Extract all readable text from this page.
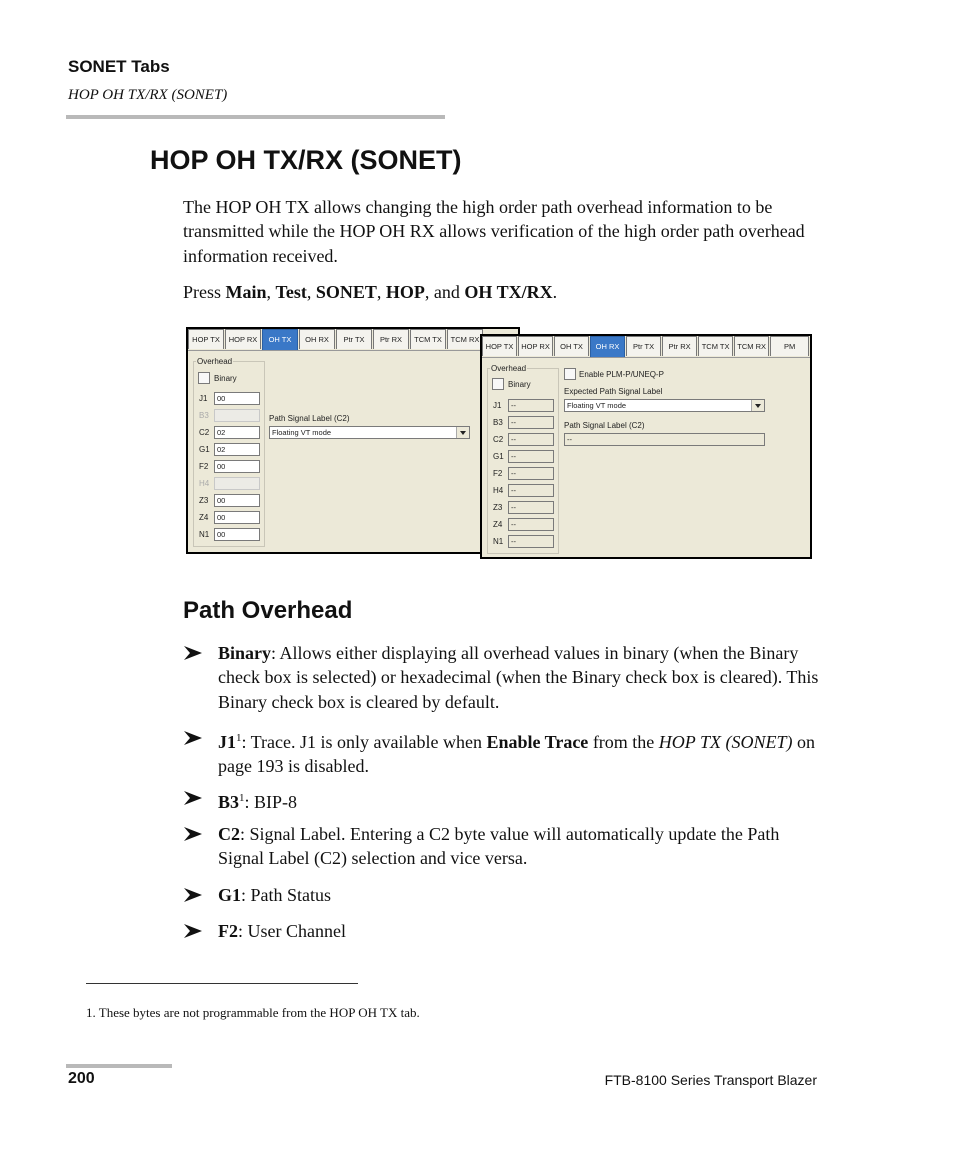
SONET Tabs
HOP OH TX/RX (SONET)
HOP OH TX/RX (SONET)
The HOP OH TX allows changing the high order path overhead information to be transmitted while the HOP OH RX allows verification of the high order path overhead information received.
Press Main, Test, SONET, HOP, and OH TX/RX.
HOP TX	HOP RX	OH TX	OH RX	Ptr TX	Ptr RX	TCM TX	TCM RX
Overhead
Binary
J1	00
B3
C2	02
G1 02
F2	00
H4
Z3	00
Z4	00
N1	00
Path Signal Label (C2)
Floating VT mode
HOP TX	HOP RX	OH TX	OH RX	Ptr TX	Ptr RX	TCM TX	TCM RX	PM
Overhead
Binary
J1	--
B3	--
C2	--
G1 --
F2	--
H4	--
Z3	--
Z4	--
N1	--
Enable PLM-P/UNEQ-P
Expected Path Signal Label
Floating VT mode
Path Signal Label (C2)
--
Path Overhead
Binary: Allows either displaying all overhead values in binary (when the Binary check box is selected) or hexadecimal (when the Binary check box is cleared). This Binary check box is cleared by default.
$J1^1$: Trace. J1 is only available when Enable Trace from the HOP TX (SONET) on page 193 is disabled.
$B3^1$: BIP-8
C2: Signal Label. Entering a C2 byte value will automatically update the Path Signal Label (C2) selection and vice versa.
G1: Path Status
F2: User Channel
1. These bytes are not programmable from the HOP OH TX tab.
200	FTB-8100 Series Transport Blazer
